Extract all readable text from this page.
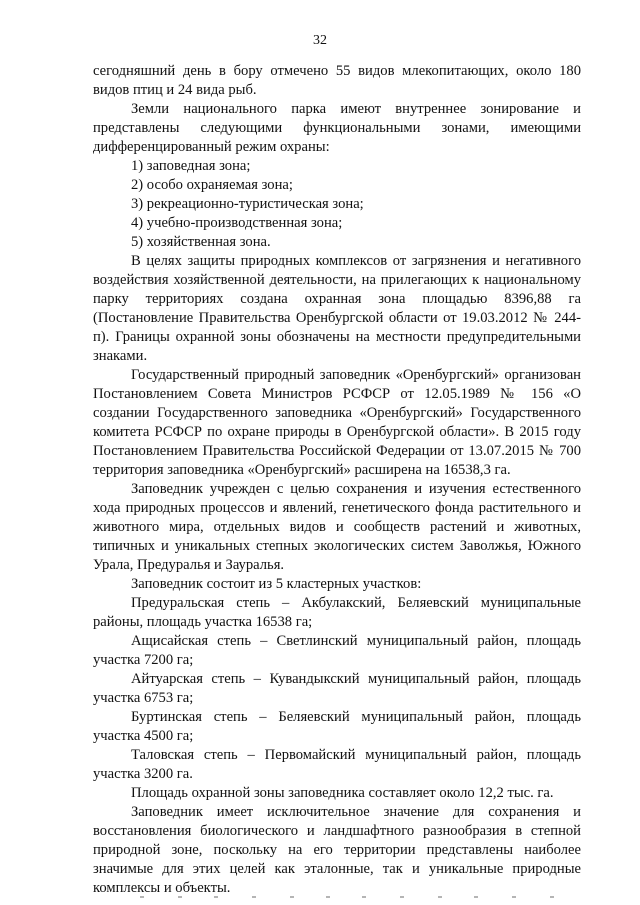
32

сегодняшний день в бору отмечено 55 видов млекопитающих, около 180 видов птиц и 24 вида рыб.

Земли национального парка имеют внутреннее зонирование и представлены следующими функциональными зонами, имеющими дифференцированный режим охраны:

1) заповедная зона;

2) особо охраняемая зона;

3) рекреационно-туристическая зона;

4) учебно-производственная зона;

5) хозяйственная зона.

В целях защиты природных комплексов от загрязнения и негативного воздействия хозяйственной деятельности, на прилегающих к национальному парку территориях создана охранная зона площадью 8396,88 га (Постановление Правительства Оренбургской области от 19.03.2012 № 244-п). Границы охранной зоны обозначены на местности предупредительными знаками.

Государственный природный заповедник «Оренбургский» организован Постановлением Совета Министров РСФСР от 12.05.1989 № 156 «О создании Государственного заповедника «Оренбургский» Государственного комитета РСФСР по охране природы в Оренбургской области». В 2015 году Постановлением Правительства Российской Федерации от 13.07.2015 № 700 территория заповедника «Оренбургский» расширена на 16538,3 га.

Заповедник учрежден с целью сохранения и изучения естественного хода природных процессов и явлений, генетического фонда растительного и животного мира, отдельных видов и сообществ растений и животных, типичных и уникальных степных экологических систем Заволжья, Южного Урала, Предуралья и Зауралья.

Заповедник состоит из 5 кластерных участков:

Предуральская степь – Акбулакский, Беляевский муниципальные районы, площадь участка 16538 га;

Ащисайская степь – Светлинский муниципальный район, площадь участка 7200 га;

Айтуарская степь – Кувандыкский муниципальный район, площадь участка 6753 га;

Буртинская степь – Беляевский муниципальный район, площадь участка 4500 га;

Таловская степь – Первомайский муниципальный район, площадь участка 3200 га.

Площадь охранной зоны заповедника составляет около 12,2 тыс. га.

Заповедник имеет исключительное значение для сохранения и восстановления биологического и ландшафтного разнообразия в степной природной зоне, поскольку на его территории представлены наиболее значимые для этих целей как эталонные, так и уникальные природные комплексы и объекты.
